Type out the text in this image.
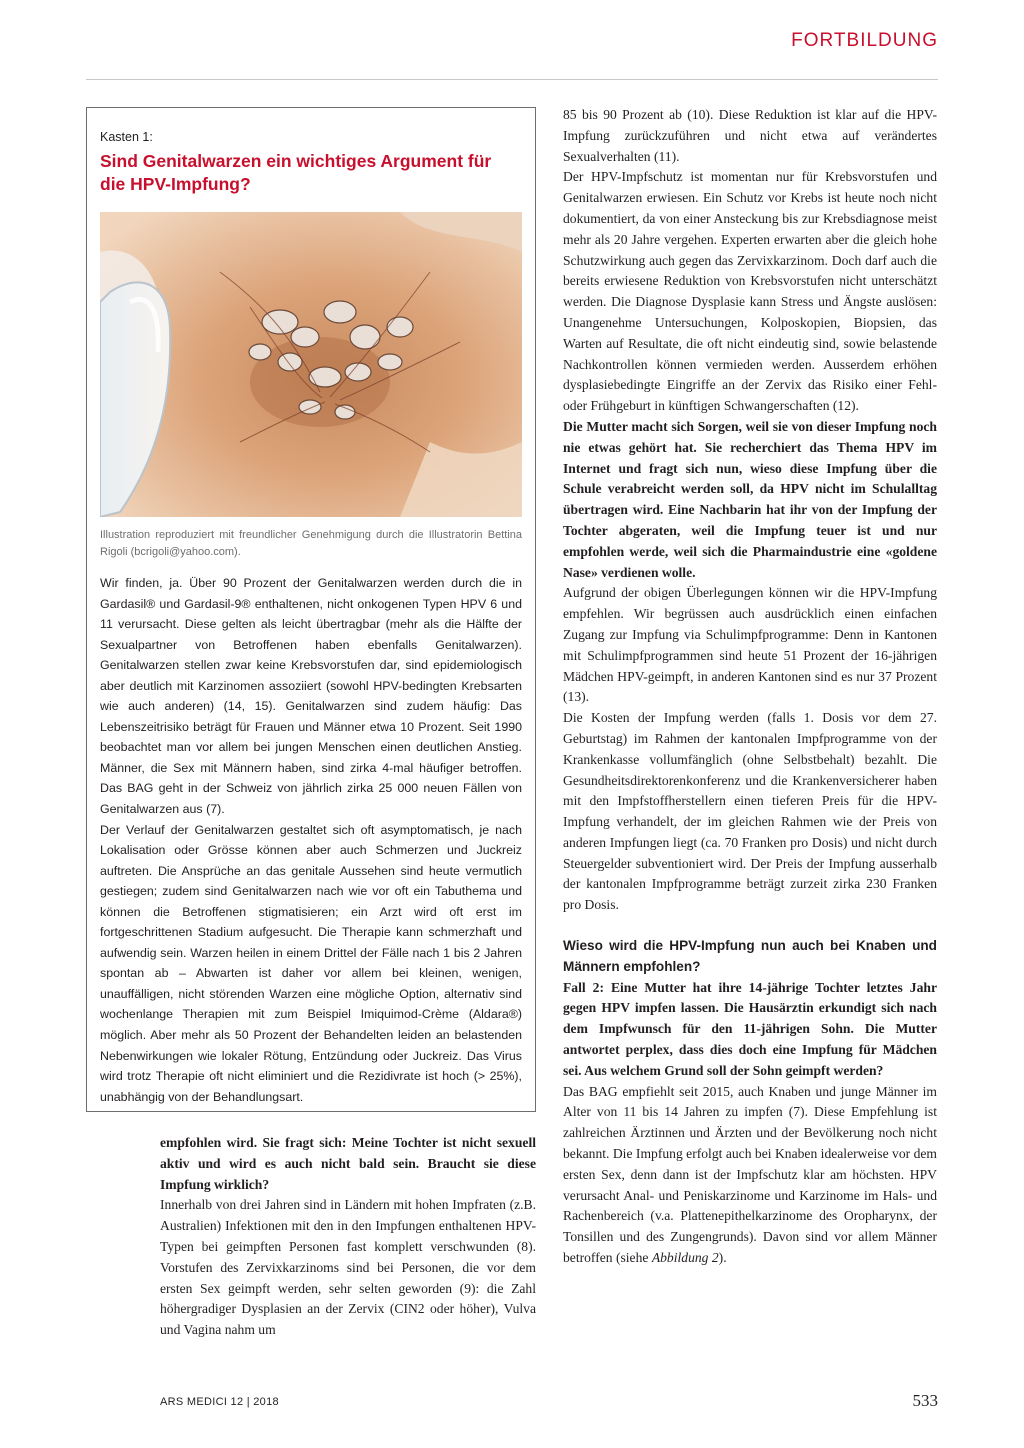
FORTBILDUNG
Kasten 1:
Sind Genitalwarzen ein wichtiges Argument für die HPV-Impfung?
Illustration reproduziert mit freundlicher Genehmigung durch die Illustratorin Bettina Rigoli (bcrigoli@yahoo.com).

Wir finden, ja. Über 90 Prozent der Genitalwarzen werden durch die in Gardasil® und Gardasil-9® enthaltenen, nicht onkogenen Typen HPV 6 und 11 verursacht. Diese gelten als leicht übertragbar (mehr als die Hälfte der Sexualpartner von Betroffenen haben ebenfalls Genitalwarzen). Genitalwarzen stellen zwar keine Krebsvorstufen dar, sind epidemiologisch aber deutlich mit Karzinomen assoziiert (sowohl HPV-bedingten Krebsarten wie auch anderen) (14, 15). Genitalwarzen sind zudem häufig: Das Lebenszeitrisiko beträgt für Frauen und Männer etwa 10 Prozent. Seit 1990 beobachtet man vor allem bei jungen Menschen einen deutlichen Anstieg. Männer, die Sex mit Männern haben, sind zirka 4-mal häufiger betroffen. Das BAG geht in der Schweiz von jährlich zirka 25 000 neuen Fällen von Genitalwarzen aus (7).

Der Verlauf der Genitalwarzen gestaltet sich oft asymptomatisch, je nach Lokalisation oder Grösse können aber auch Schmerzen und Juckreiz auftreten. Die Ansprüche an das genitale Aussehen sind heute vermutlich gestiegen; zudem sind Genitalwarzen nach wie vor oft ein Tabuthema und können die Betroffenen stigmatisieren; ein Arzt wird oft erst im fortgeschrittenen Stadium aufgesucht. Die Therapie kann schmerzhaft und aufwendig sein. Warzen heilen in einem Drittel der Fälle nach 1 bis 2 Jahren spontan ab – Abwarten ist daher vor allem bei kleinen, wenigen, unauffälligen, nicht störenden Warzen eine mögliche Option, alternativ sind wochenlange Therapien mit zum Beispiel Imiquimod-Crème (Aldara®) möglich. Aber mehr als 50 Prozent der Behandelten leiden an belastenden Nebenwirkungen wie lokaler Rötung, Entzündung oder Juckreiz. Das Virus wird trotz Therapie oft nicht eliminiert und die Rezidivrate ist hoch (> 25%), unabhängig von der Behandlungsart.

empfohlen wird. Sie fragt sich: Meine Tochter ist nicht sexuell aktiv und wird es auch nicht bald sein. Braucht sie diese Impfung wirklich?

Innerhalb von drei Jahren sind in Ländern mit hohen Impfraten (z.B. Australien) Infektionen mit den in den Impfungen enthaltenen HPV-Typen bei geimpften Personen fast komplett verschwunden (8). Vorstufen des Zervixkarzinoms sind bei Personen, die vor dem ersten Sex geimpft werden, sehr selten geworden (9): die Zahl höhergradiger Dysplasien an der Zervix (CIN2 oder höher), Vulva und Vagina nahm um

85 bis 90 Prozent ab (10). Diese Reduktion ist klar auf die HPV-Impfung zurückzuführen und nicht etwa auf verändertes Sexualverhalten (11).

Der HPV-Impfschutz ist momentan nur für Krebsvorstufen und Genitalwarzen erwiesen. Ein Schutz vor Krebs ist heute noch nicht dokumentiert, da von einer Ansteckung bis zur Krebsdiagnose meist mehr als 20 Jahre vergehen. Experten erwarten aber die gleich hohe Schutzwirkung auch gegen das Zervixkarzinom. Doch darf auch die bereits erwiesene Reduktion von Krebsvorstufen nicht unterschätzt werden. Die Diagnose Dysplasie kann Stress und Ängste auslösen: Unangenehme Untersuchungen, Kolposkopien, Biopsien, das Warten auf Resultate, die oft nicht eindeutig sind, sowie belastende Nachkontrollen können vermieden werden. Ausserdem erhöhen dysplasiebedingte Eingriffe an der Zervix das Risiko einer Fehl- oder Frühgeburt in künftigen Schwangerschaften (12).

Die Mutter macht sich Sorgen, weil sie von dieser Impfung noch nie etwas gehört hat. Sie recherchiert das Thema HPV im Internet und fragt sich nun, wieso diese Impfung über die Schule verabreicht werden soll, da HPV nicht im Schulalltag übertragen wird. Eine Nachbarin hat ihr von der Impfung der Tochter abgeraten, weil die Impfung teuer ist und nur empfohlen werde, weil sich die Pharmaindustrie eine «goldene Nase» verdienen wolle.

Aufgrund der obigen Überlegungen können wir die HPV-Impfung empfehlen. Wir begrüssen auch ausdrücklich einen einfachen Zugang zur Impfung via Schulimpfprogramme: Denn in Kantonen mit Schulimpfprogrammen sind heute 51 Prozent der 16-jährigen Mädchen HPV-geimpft, in anderen Kantonen sind es nur 37 Prozent (13).

Die Kosten der Impfung werden (falls 1. Dosis vor dem 27. Geburtstag) im Rahmen der kantonalen Impfprogramme von der Krankenkasse vollumfänglich (ohne Selbstbehalt) bezahlt. Die Gesundheitsdirektorenkonferenz und die Krankenversicherer haben mit den Impfstoffherstellern einen tieferen Preis für die HPV-Impfung verhandelt, der im gleichen Rahmen wie der Preis von anderen Impfungen liegt (ca. 70 Franken pro Dosis) und nicht durch Steuergelder subventioniert wird. Der Preis der Impfung ausserhalb der kantonalen Impfprogramme beträgt zurzeit zirka 230 Franken pro Dosis.

Wieso wird die HPV-Impfung nun auch bei Knaben und Männern empfohlen?

Fall 2: Eine Mutter hat ihre 14-jährige Tochter letztes Jahr gegen HPV impfen lassen. Die Hausärztin erkundigt sich nach dem Impfwunsch für den 11-jährigen Sohn. Die Mutter antwortet perplex, dass dies doch eine Impfung für Mädchen sei. Aus welchem Grund soll der Sohn geimpft werden?

Das BAG empfiehlt seit 2015, auch Knaben und junge Männer im Alter von 11 bis 14 Jahren zu impfen (7). Diese Empfehlung ist zahlreichen Ärztinnen und Ärzten und der Bevölkerung noch nicht bekannt. Die Impfung erfolgt auch bei Knaben idealerweise vor dem ersten Sex, denn dann ist der Impfschutz klar am höchsten. HPV verursacht Anal- und Peniskarzinome und Karzinome im Hals- und Rachenbereich (v.a. Plattenepithelkarzinome des Oropharynx, der Tonsillen und des Zungengrunds). Davon sind vor allem Männer betroffen (siehe Abbildung 2).

ARS MEDICI 12 | 2018	533
